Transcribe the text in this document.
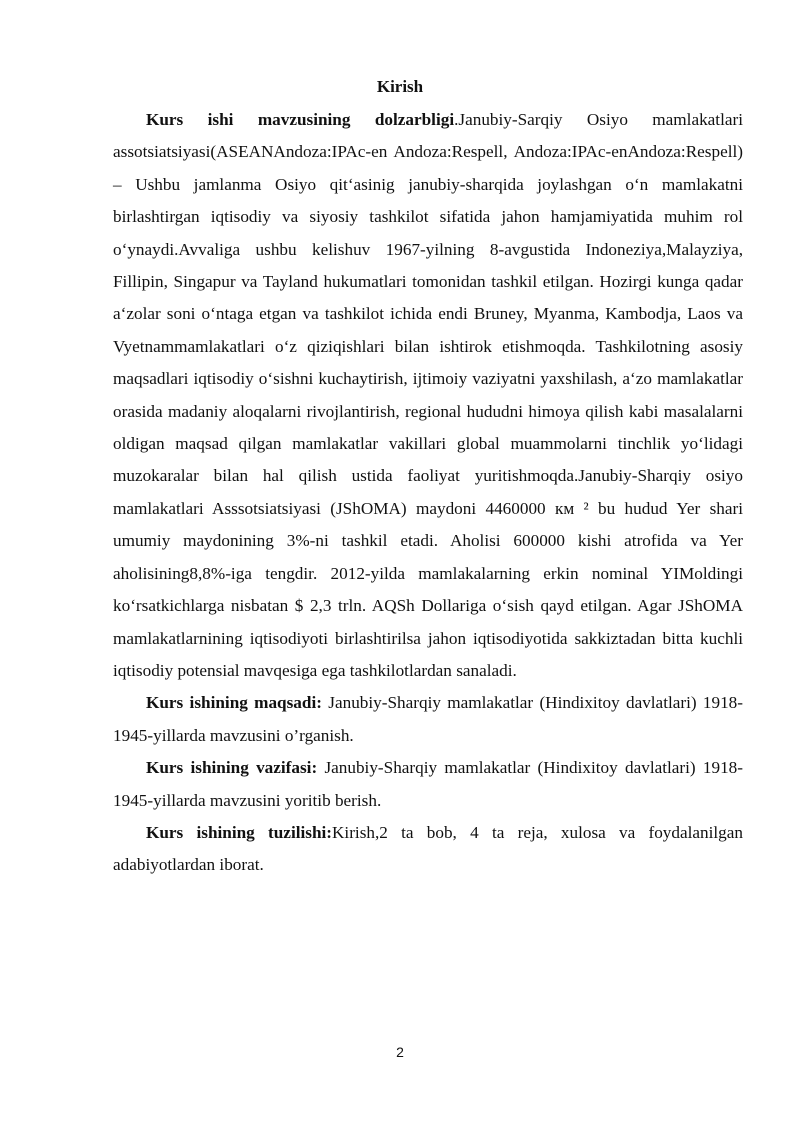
Kirish

Kurs ishi mavzusining dolzarbligi.Janubiy-Sarqiy Osiyo mamlakatlari assotsiatsiyasi(ASEANAndoza:IPAc-en Andoza:Respell, Andoza:IPAc-enAndoza:Respell) – Ushbu jamlanma Osiyo qit‘asinig janubiy-sharqida joylashgan o‘n mamlakatni birlashtirgan iqtisodiy va siyosiy tashkilot sifatida jahon hamjamiyatida muhim rol o‘ynaydi.Avvaliga ushbu kelishuv 1967-yilning 8-avgustida Indoneziya,Malayziya, Fillipin, Singapur va Tayland hukumatlari tomonidan tashkil etilgan. Hozirgi kunga qadar a‘zolar soni o‘ntaga etgan va tashkilot ichida endi Bruney, Myanma, Kambodja, Laos va Vyetnammamlakatlari o‘z qiziqishlari bilan ishtirok etishmoqda. Tashkilotning asosiy maqsadlari iqtisodiy o‘sishni kuchaytirish, ijtimoiy vaziyatni yaxshilash, a‘zo mamlakatlar orasida madaniy aloqalarni rivojlantirish, regional hududni himoya qilish kabi masalalarni oldigan maqsad qilgan mamlakatlar vakillari global muammolarni tinchlik yo‘lidagi muzokaralar bilan hal qilish ustida faoliyat yuritishmoqda.Janubiy-Sharqiy osiyo mamlakatlari Asssotsiatsiyasi (JShOMA) maydoni 4460000 км ² bu hudud Yer shari umumiy maydonining 3%-ni tashkil etadi. Aholisi 600000 kishi atrofida va Yer aholisining8,8%-iga tengdir. 2012-yilda mamlakalarning erkin nominal YIMoldingi ko‘rsatkichlarga nisbatan $ 2,3 trln. AQSh Dollariga o‘sish qayd etilgan. Agar JShOMA mamlakatlarnining iqtisodiyoti birlashtirilsa jahon iqtisodiyotida sakkiztadan bitta kuchli iqtisodiy potensial mavqesiga ega tashkilotlardan sanaladi.

Kurs ishining maqsadi: Janubiy-Sharqiy mamlakatlar (Hindixitoy davlatlari) 1918-1945-yillarda mavzusini o’rganish.

Kurs ishining vazifasi: Janubiy-Sharqiy mamlakatlar (Hindixitoy davlatlari) 1918-1945-yillarda mavzusini yoritib berish.

Kurs ishining tuzilishi:Kirish,2 ta bob, 4 ta reja, xulosa va foydalanilgan adabiyotlardan iborat.

2
